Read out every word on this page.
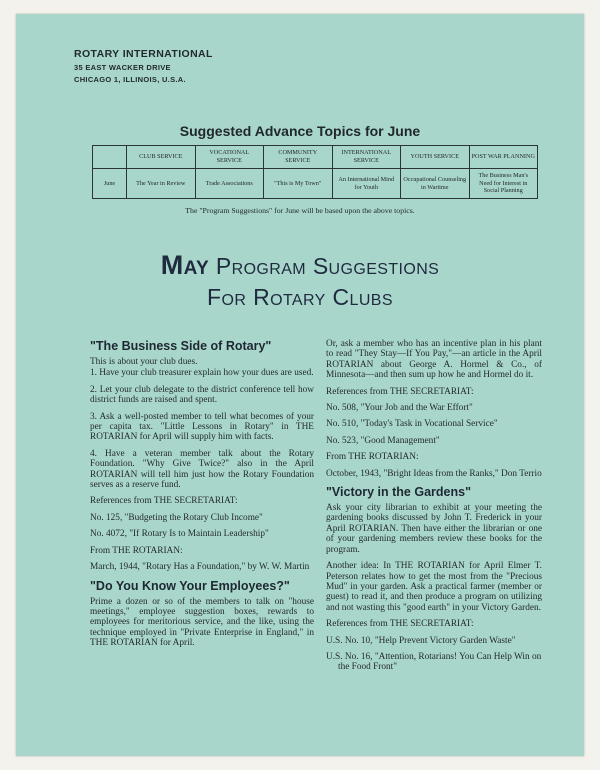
ROTARY INTERNATIONAL
35 EAST WACKER DRIVE
CHICAGO 1, ILLINOIS, U.S.A.
Suggested Advance Topics for June
	CLUB SERVICE	VOCATIONAL SERVICE	COMMUNITY SERVICE	INTERNATIONAL SERVICE	YOUTH SERVICE	POST WAR PLANNING
June	The Year in Review	Trade Associations	"This is My Town"	An International Mind for Youth	Occupational Counseling in Wartime	The Business Man's Need for Interest in Social Planning
The "Program Suggestions" for June will be based upon the above topics.
May Program Suggestions
For Rotary Clubs
"The Business Side of Rotary"

This is about your club dues.

1. Have your club treasurer explain how your dues are used.

2. Let your club delegate to the district conference tell how district funds are raised and spent.

3. Ask a well-posted member to tell what becomes of your per capita tax. "Little Lessons in Rotary" in THE ROTARIAN for April will supply him with facts.

4. Have a veteran member talk about the Rotary Foundation. "Why Give Twice?" also in the April ROTARIAN will tell him just how the Rotary Foundation serves as a reserve fund.

References from THE SECRETARIAT:

No. 125, "Budgeting the Rotary Club Income"

No. 4072, "If Rotary Is to Maintain Leadership"

From THE ROTARIAN:

March, 1944, "Rotary Has a Foundation," by W. W. Martin

"Do You Know Your Employees?"

Prime a dozen or so of the members to talk on "house meetings," employee suggestion boxes, rewards to employees for meritorious service, and the like, using the technique employed in "Private Enterprise in England," in THE ROTARIAN for April.

Or, ask a member who has an incentive plan in his plant to read "They Stay—If You Pay,"—an article in the April ROTARIAN about George A. Hormel & Co., of Minnesota—and then sum up how he and Hormel do it.

References from THE SECRETARIAT:

No. 508, "Your Job and the War Effort"

No. 510, "Today's Task in Vocational Service"

No. 523, "Good Management"

From THE ROTARIAN:

October, 1943, "Bright Ideas from the Ranks," Don Terrio

"Victory in the Gardens"

Ask your city librarian to exhibit at your meeting the gardening books discussed by John T. Frederick in your April ROTARIAN. Then have either the librarian or one of your gardening members review these books for the program.

Another idea: In THE ROTARIAN for April Elmer T. Peterson relates how to get the most from the "Precious Mud" in your garden. Ask a practical farmer (member or guest) to read it, and then produce a program on utilizing and not wasting this "good earth" in your Victory Garden.

References from THE SECRETARIAT:

U.S. No. 10, "Help Prevent Victory Garden Waste"

U.S. No. 16, "Attention, Rotarians! You Can Help Win on the Food Front"
